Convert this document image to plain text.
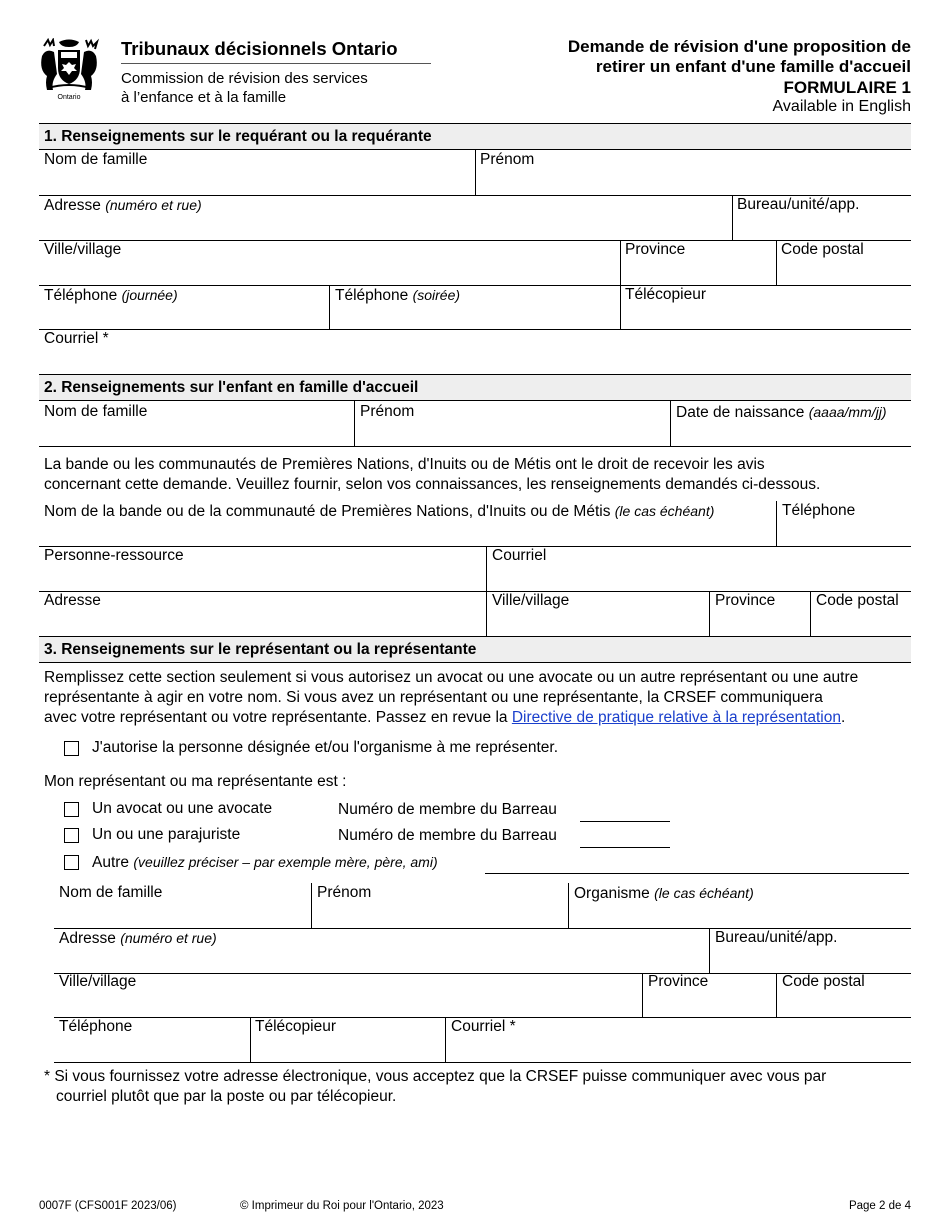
Ontario
Tribunaux décisionnels Ontario
Commission de révision des services
à l’enfance et à la famille
Demande de révision d'une proposition de
retirer un enfant d'une famille d'accueil
FORMULAIRE 1
Available in English
1. Renseignements sur le requérant ou la requérante
Nom de famille	Prénom
Adresse (numéro et rue)	Bureau/unité/app.
Ville/village	Province	Code postal
Téléphone (journée)	Téléphone (soirée)	Télécopieur
Courriel *
2. Renseignements sur l'enfant en famille d'accueil
Nom de famille	Prénom	Date de naissance (aaaa/mm/jj)
La bande ou les communautés de Premières Nations, d'Inuits ou de Métis ont le droit de recevoir les avis
concernant cette demande. Veuillez fournir, selon vos connaissances, les renseignements demandés ci-dessous.
Nom de la bande ou de la communauté de Premières Nations, d'Inuits ou de Métis (le cas échéant)	Téléphone
Personne-ressource	Courriel
Adresse	Ville/village	Province	Code postal
3. Renseignements sur le représentant ou la représentante
Remplissez cette section seulement si vous autorisez un avocat ou une avocate ou un autre représentant ou une autre
représentante à agir en votre nom. Si vous avez un représentant ou une représentante, la CRSEF communiquera
avec votre représentant ou votre représentante. Passez en revue la Directive de pratique relative à la représentation.
J'autorise la personne désignée et/ou l'organisme à me représenter.
Mon représentant ou ma représentante est :
Un avocat ou une avocate	Numéro de membre du Barreau
Un ou une parajuriste	Numéro de membre du Barreau
Autre (veuillez préciser – par exemple mère, père, ami)
Nom de famille	Prénom	Organisme (le cas échéant)
Adresse (numéro et rue)	Bureau/unité/app.
Ville/village	Province	Code postal
Téléphone	Télécopieur	Courriel *
* Si vous fournissez votre adresse électronique, vous acceptez que la CRSEF puisse communiquer avec vous par
courriel plutôt que par la poste ou par télécopieur.
0007F (CFS001F 2023/06)	© Imprimeur du Roi pour l'Ontario, 2023	Page 2 de 4
